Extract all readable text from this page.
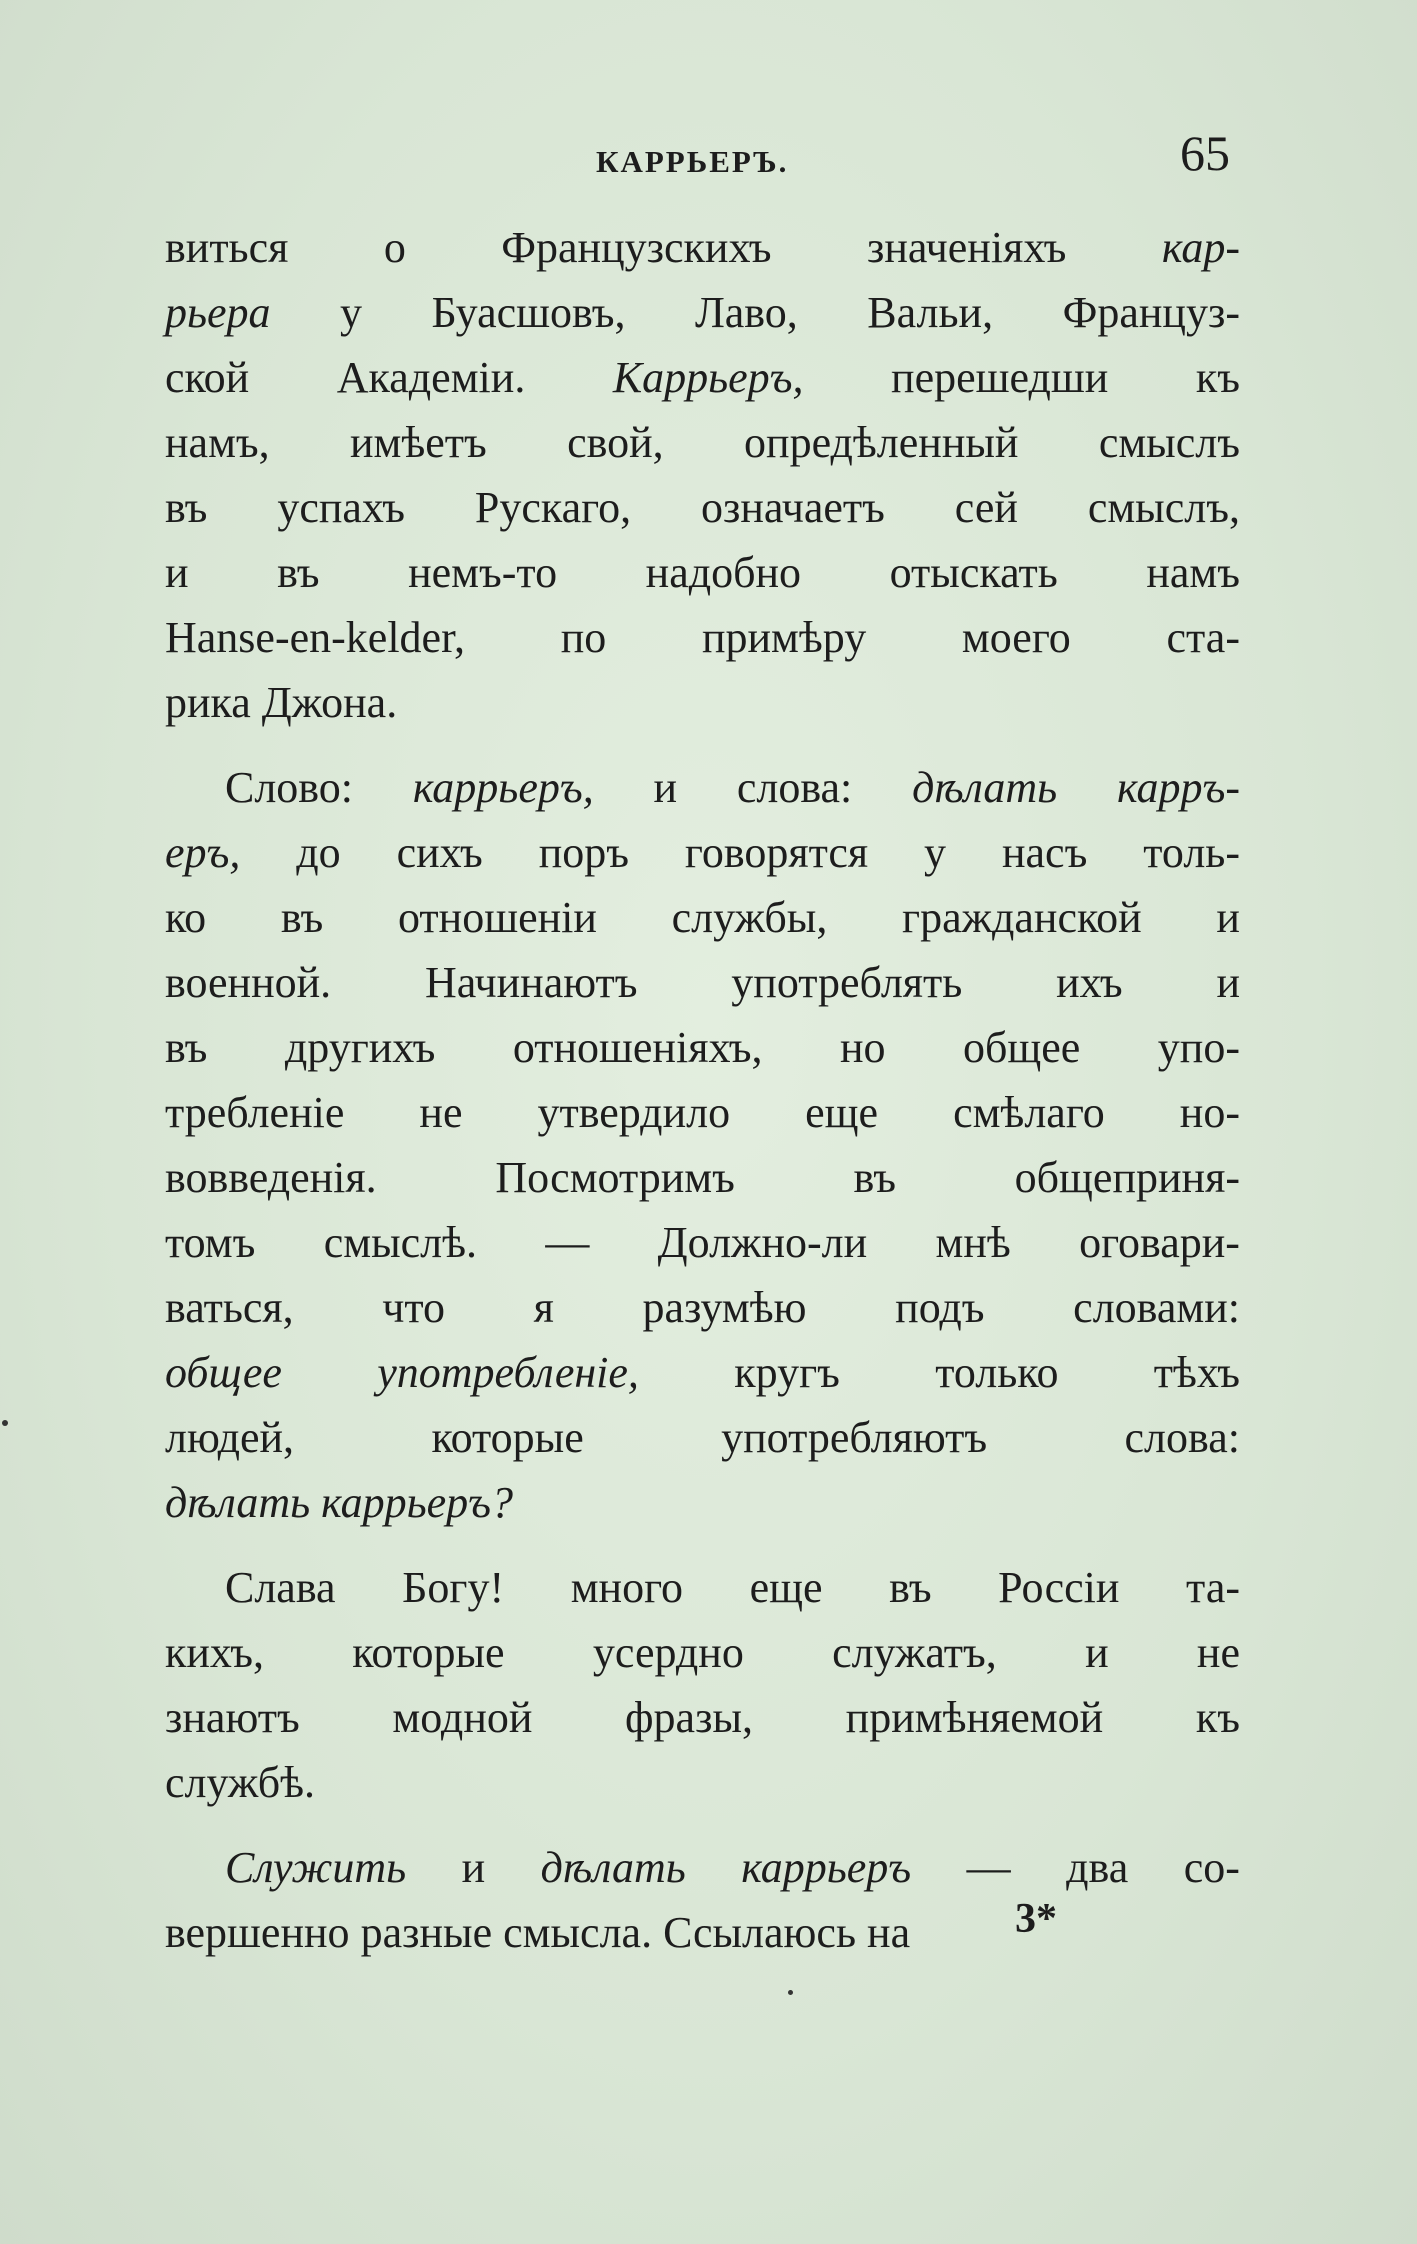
КАРРЬЕРЪ.	65
виться о Французскихъ значеніяхъ кар-
рьера у Буасшовъ, Лаво, Вальи, Француз-
ской Академіи. Каррьеръ, перешедши къ
намъ, имѣетъ свой, опредѣленный смыслъ
въ успахъ Рускаго, означаетъ сей смыслъ,
и въ немъ-то надобно отыскать намъ
Hanse-en-kelder, по примѣру моего ста-
рика Джона.
Слово: каррьеръ, и слова: дѣлать карръ-
еръ, до сихъ поръ говорятся у насъ толь-
ко въ отношеніи службы, гражданской и
военной. Начинаютъ употреблять ихъ и
въ другихъ отношеніяхъ, но общее упо-
требленіе не утвердило еще смѣлаго но-
вовведенія.	Посмотримъ	въ	общеприня-
томъ смыслѣ. — Должно-ли мнѣ оговари-
ваться, что я разумѣю подъ словами:
общее употребленіе, кругъ только тѣхъ
людей,	которые	употребляютъ	слова:
дѣлать каррьеръ?
Слава Богу! много еще въ Россіи та-
кихъ, которые усердно служатъ, и не
знаютъ модной фразы, примѣняемой къ
службѣ.
Служить и дѣлать каррьеръ — два со-
вершенно разные смысла. Ссылаюсь на 3*
